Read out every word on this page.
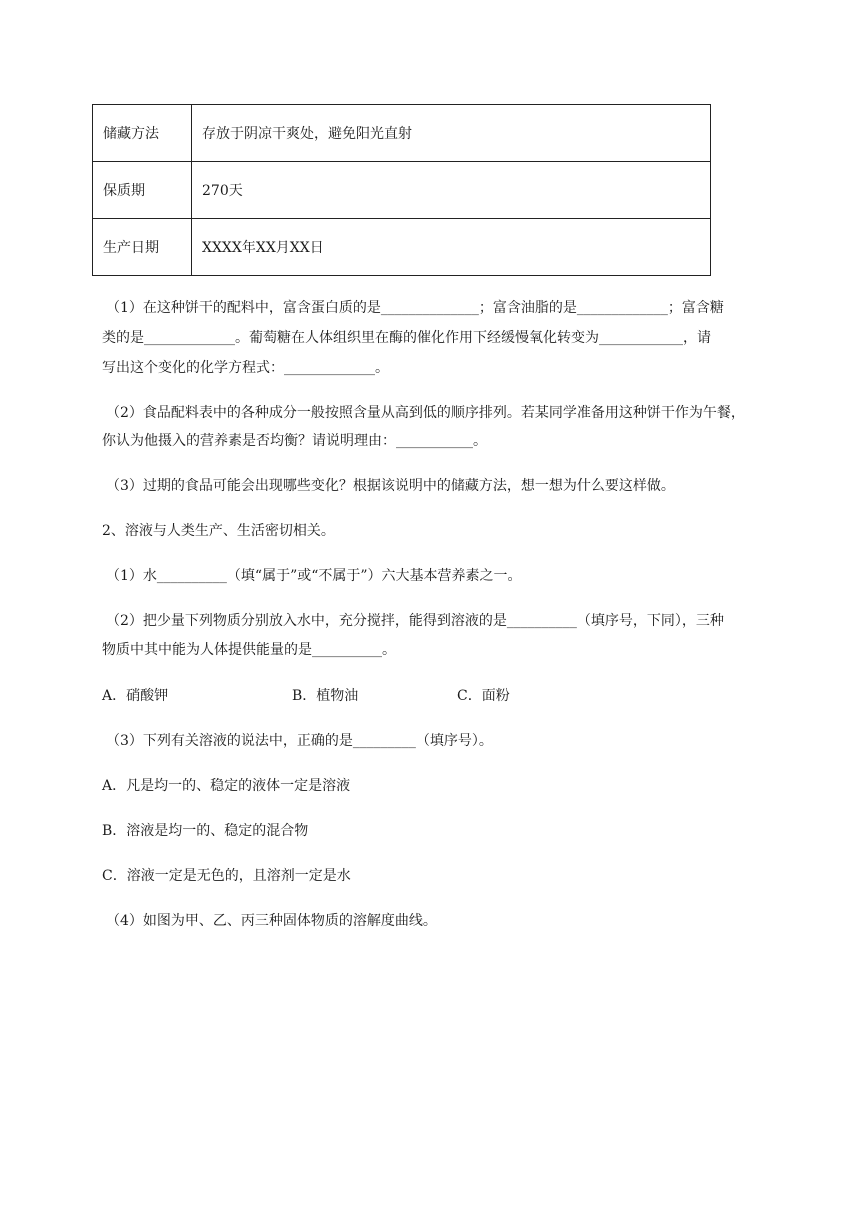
储藏方法	存放于阴凉干爽处，避免阳光直射
保质期	270天
生产日期	XXXX年XX月XX日
（1）在这种饼干的配料中，富含蛋白质的是______________；富含油脂的是_____________；富含糖
类的是_____________。葡萄糖在人体组织里在酶的催化作用下经缓慢氧化转变为____________，请
写出这个变化的化学方程式：_____________。
（2）食品配料表中的各种成分一般按照含量从高到低的顺序排列。若某同学准备用这种饼干作为午餐，
你认为他摄入的营养素是否均衡？请说明理由：___________。
（3）过期的食品可能会出现哪些变化？根据该说明中的储藏方法，想一想为什么要这样做。
2、溶液与人类生产、生活密切相关。
（1）水__________（填“属于”或“不属于”）六大基本营养素之一。
（2）把少量下列物质分别放入水中，充分搅拌，能得到溶液的是__________（填序号，下同），三种
物质中其中能为人体提供能量的是__________。
A．硝酸钾	B．植物油	C．面粉
（3）下列有关溶液的说法中，正确的是_________（填序号）。
A．凡是均一的、稳定的液体一定是溶液
B．溶液是均一的、稳定的混合物
C．溶液一定是无色的，且溶剂一定是水
（4）如图为甲、乙、丙三种固体物质的溶解度曲线。
